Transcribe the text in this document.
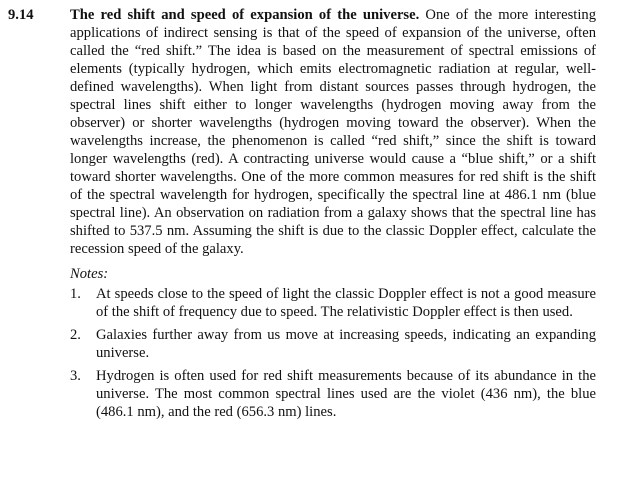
9.14	The red shift and speed of expansion of the universe. One of the more interesting applications of indirect sensing is that of the speed of expansion of the universe, often called the “red shift.” The idea is based on the measurement of spectral emissions of elements (typically hydrogen, which emits electromagnetic radiation at regular, well-defined wavelengths). When light from distant sources passes through hydrogen, the spectral lines shift either to longer wavelengths (hydrogen moving away from the observer) or shorter wavelengths (hydrogen moving toward the observer). When the wavelengths increase, the phenomenon is called “red shift,” since the shift is toward longer wavelengths (red). A contracting universe would cause a “blue shift,” or a shift toward shorter wavelengths. One of the more common measures for red shift is the shift of the spectral wavelength for hydrogen, specifically the spectral line at 486.1 nm (blue spectral line). An observation on radiation from a galaxy shows that the spectral line has shifted to 537.5 nm. Assuming the shift is due to the classic Doppler effect, calculate the recession speed of the galaxy.
Notes:
1.	At speeds close to the speed of light the classic Doppler effect is not a good measure of the shift of frequency due to speed. The relativistic Doppler effect is then used.
2.	Galaxies further away from us move at increasing speeds, indicating an expanding universe.
3.	Hydrogen is often used for red shift measurements because of its abundance in the universe. The most common spectral lines used are the violet (436 nm), the blue (486.1 nm), and the red (656.3 nm) lines.
